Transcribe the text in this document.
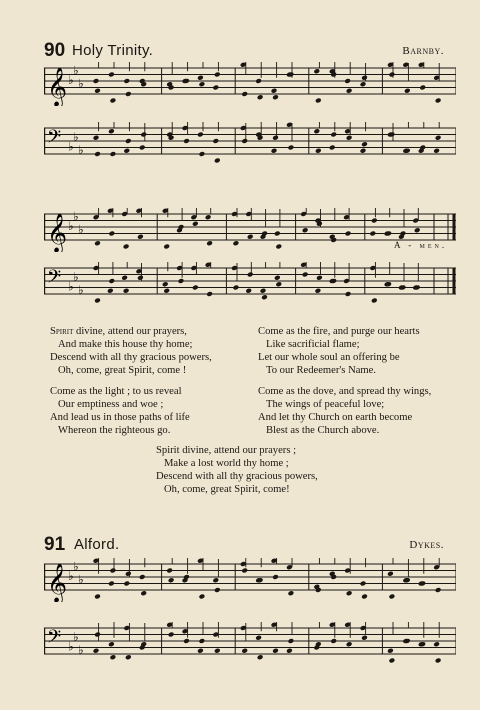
90 Holy Trinity.	Barnby.
𝄞 ♭
♭
♭
𝄢 ♭
♭
♭
𝄞 ♭
♭
♭
A - men.
𝄢 ♭
♭
♭
Spirit divine, attend our prayers,
And make this house thy home;
Descend with all thy gracious powers,
Oh, come, great Spirit, come !
Come as the fire, and purge our hearts
Like sacrificial flame;
Let our whole soul an offering be
To our Redeemer's Name.
Come as the light ; to us reveal
Our emptiness and woe ;
And lead us in those paths of life
Whereon the righteous go.
Come as the dove, and spread thy wings,
The wings of peaceful love;
And let thy Church on earth become
Blest as the Church above.
Spirit divine, attend our prayers ;
Make a lost world thy home ;
Descend with all thy gracious powers,
Oh, come, great Spirit, come!
91 Alford.	Dykes.
𝄞 ♭
♭
♭
𝄢 ♭
♭
♭
